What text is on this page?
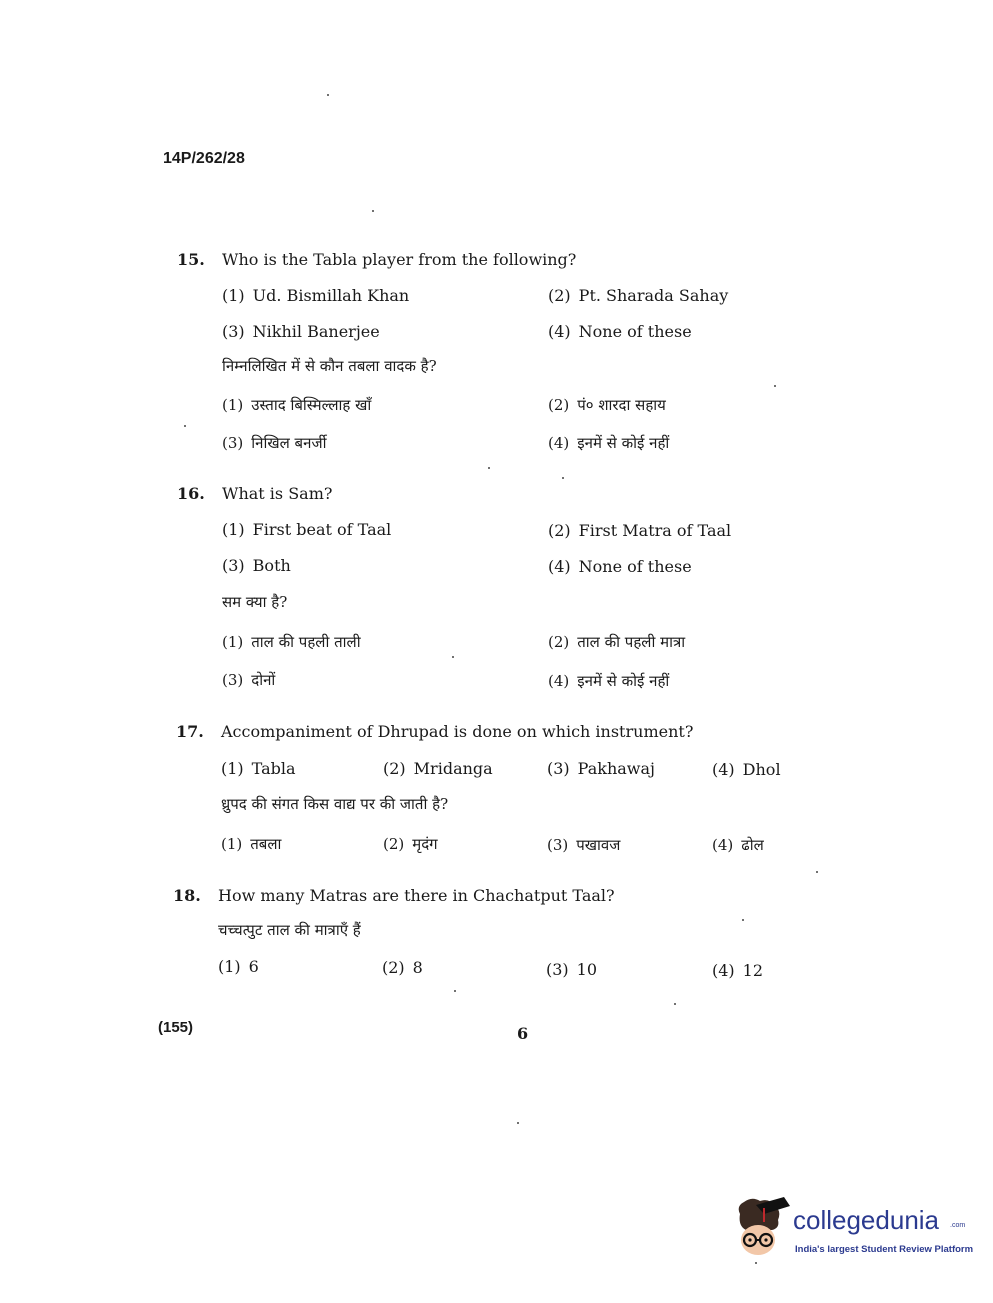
14P/262/28
15. Who is the Tabla player from the following?
(1) Ud. Bismillah Khan	(2) Pt. Sharada Sahay
(3) Nikhil Banerjee	(4) None of these
निम्नलिखित में से कौन तबला वादक है?
(1) उस्ताद बिस्मिल्लाह खाँ	(2) पं० शारदा सहाय
(3) निखिल बनर्जी	(4) इनमें से कोई नहीं
16. What is Sam?
(1) First beat of Taal	(2) First Matra of Taal
(3) Both	(4) None of these
सम क्या है?
(1) ताल की पहली ताली	(2) ताल की पहली मात्रा
(3) दोनों	(4) इनमें से कोई नहीं
17. Accompaniment of Dhrupad is done on which instrument?
(1) Tabla	(2) Mridanga	(3) Pakhawaj	(4) Dhol
ध्रुपद की संगत किस वाद्य पर की जाती है?
(1) तबला	(2) मृदंग	(3) पखावज	(4) ढोल
18. How many Matras are there in Chachatput Taal?
चच्चत्पुट ताल की मात्राएँ हैं
(1) 6	(2) 8	(3) 10	(4) 12
(155)	6
collegedunia .com
India's largest Student Review Platform
